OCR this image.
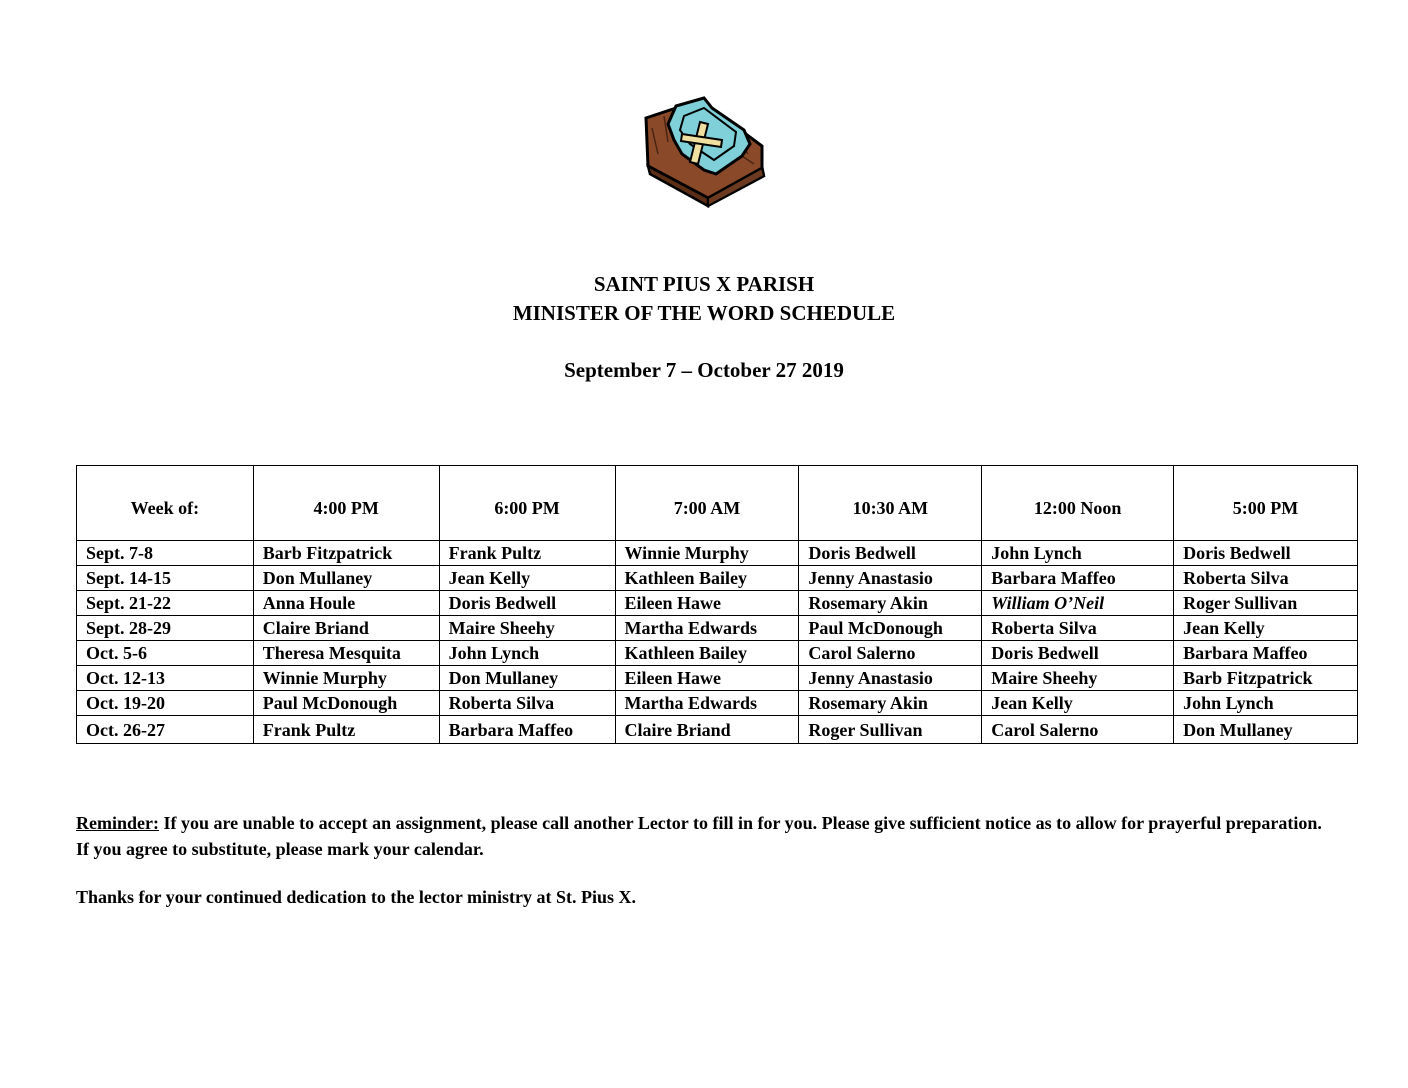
SAINT PIUS X PARISH
MINISTER OF THE WORD SCHEDULE
September 7 – October 27 2019
Week of:	4:00 PM	6:00 PM	7:00 AM	10:30 AM	12:00 Noon	5:00 PM
Sept. 7-8	Barb Fitzpatrick	Frank Pultz	Winnie Murphy	Doris Bedwell	John Lynch	Doris Bedwell
Sept. 14-15	Don Mullaney	Jean Kelly	Kathleen Bailey	Jenny Anastasio	Barbara Maffeo	Roberta Silva
Sept. 21-22	Anna Houle	Doris Bedwell	Eileen Hawe	Rosemary Akin	William O’Neil	Roger Sullivan
Sept. 28-29	Claire Briand	Maire Sheehy	Martha Edwards	Paul McDonough	Roberta Silva	Jean Kelly
Oct. 5-6	Theresa Mesquita	John Lynch	Kathleen Bailey	Carol Salerno	Doris Bedwell	Barbara Maffeo
Oct. 12-13	Winnie Murphy	Don Mullaney	Eileen Hawe	Jenny Anastasio	Maire Sheehy	Barb Fitzpatrick
Oct. 19-20	Paul McDonough	Roberta Silva	Martha Edwards	Rosemary Akin	Jean Kelly	John Lynch
Oct. 26-27	Frank Pultz	Barbara Maffeo	Claire Briand	Roger Sullivan	Carol Salerno	Don Mullaney
Reminder: If you are unable to accept an assignment, please call another Lector to fill in for you. Please give sufficient notice as to allow for prayerful preparation. If you agree to substitute, please mark your calendar.
Thanks for your continued dedication to the lector ministry at St. Pius X.
